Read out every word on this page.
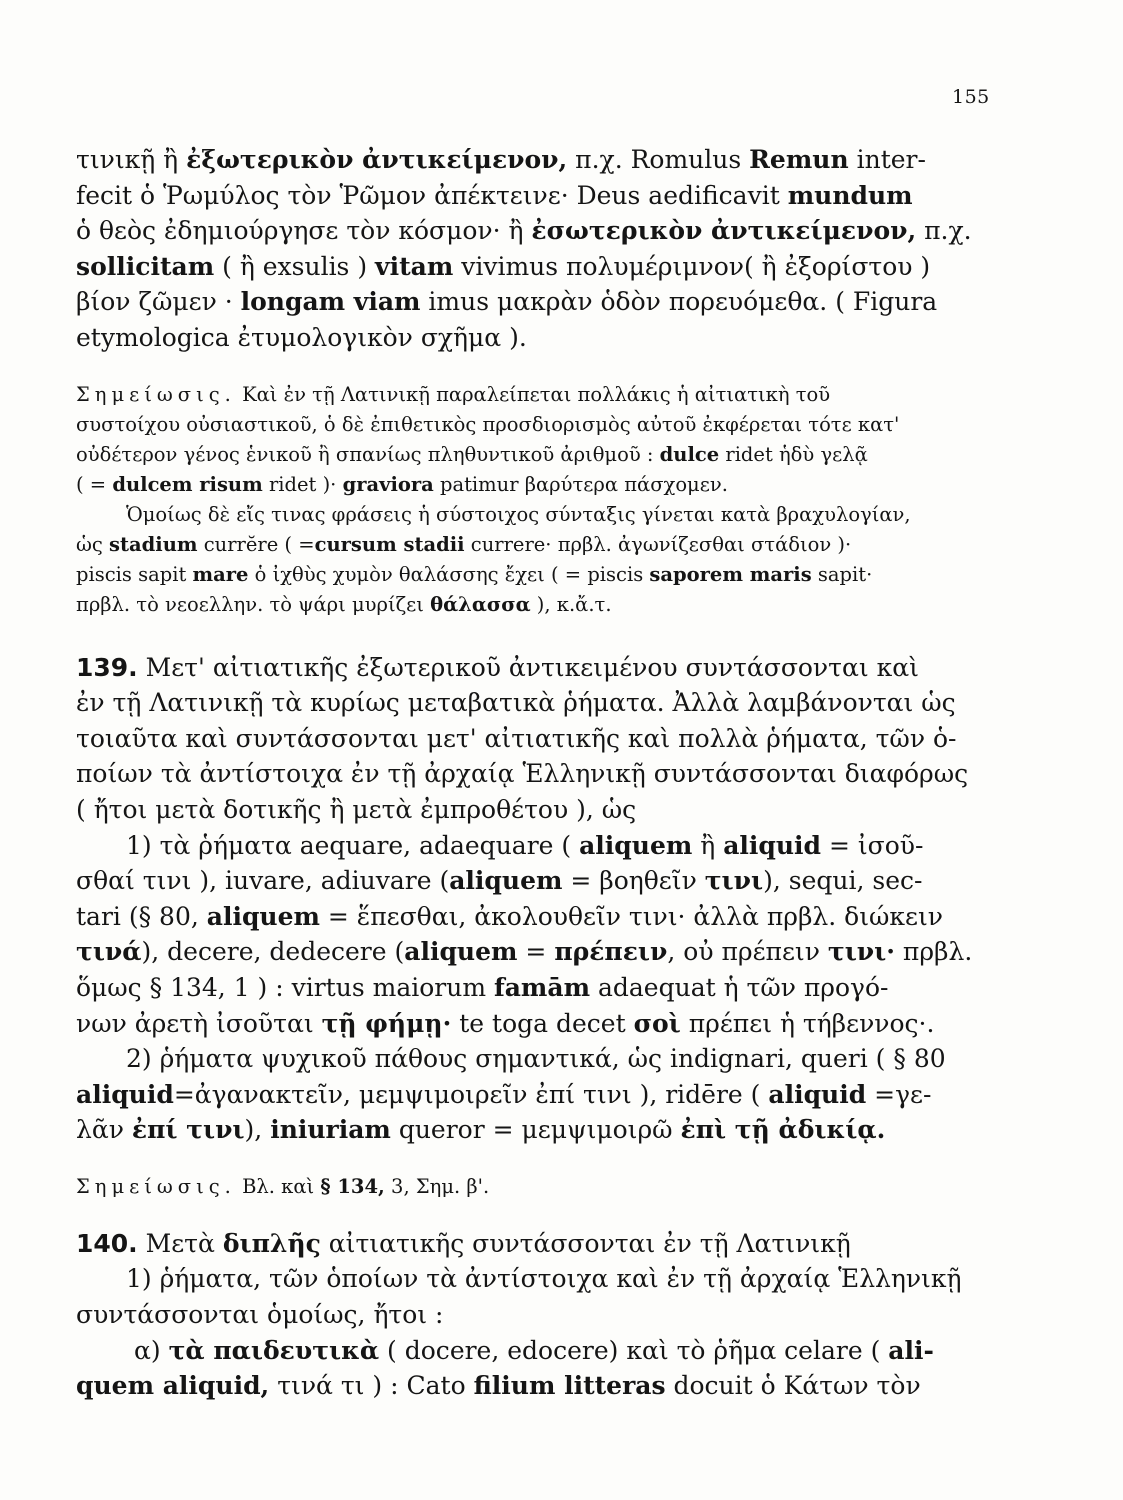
155
τινικῇ ἢ ἐξωτερικὸν ἀντικείμενον, π.χ. Romulus Remun inter-
fecit ὁ Ῥωμύλος τὸν Ῥῶμον ἀπέκτεινε· Deus aedificavit mundum
ὁ θεὸς ἐδημιούργησε τὸν κόσμον· ἢ ἐσωτερικὸν ἀντικείμενον, π.χ.
sollicitam ( ἢ exsulis ) vitam vivimus πολυμέριμνον( ἢ ἐξορίστου )
βίον ζῶμεν · longam viam imus μακρὰν ὁδὸν πορευόμεθα. ( Figura
etymologica ἐτυμολογικὸν σχῆμα ).
Σημείωσις. Καὶ ἐν τῇ Λατινικῇ παραλείπεται πολλάκις ἡ αἰτιατικὴ τοῦ
συστοίχου οὐσιαστικοῦ, ὁ δὲ ἐπιθετικὸς προσδιορισμὸς αὐτοῦ ἐκφέρεται τότε κατ'
οὐδέτερον γένος ἑνικοῦ ἢ σπανίως πληθυντικοῦ ἀριθμοῦ : dulce ridet ἡδὺ γελᾷ
( = dulcem risum ridet )· graviora patimur βαρύτερα πάσχομεν.
Ὁμοίως δὲ εἴς τινας φράσεις ἡ σύστοιχος σύνταξις γίνεται κατὰ βραχυλογίαν,
ὡς stadium currĕre ( =cursum stadii currere· πρβλ. ἀγωνίζεσθαι στάδιον )·
piscis sapit mare ὁ ἰχθὺς χυμὸν θαλάσσης ἔχει ( = piscis saporem maris sapit·
πρβλ. τὸ νεοελλην. τὸ ψάρι μυρίζει θάλασσα ), κ.ἄ.τ.
139. Μετ' αἰτιατικῆς ἐξωτερικοῦ ἀντικειμένου συντάσσονται καὶ
ἐν τῇ Λατινικῇ τὰ κυρίως μεταβατικὰ ῥήματα. Ἀλλὰ λαμβάνονται ὡς
τοιαῦτα καὶ συντάσσονται μετ' αἰτιατικῆς καὶ πολλὰ ῥήματα, τῶν ὁ-
ποίων τὰ ἀντίστοιχα ἐν τῇ ἀρχαίᾳ Ἑλληνικῇ συντάσσονται διαφόρως
( ἤτοι μετὰ δοτικῆς ἢ μετὰ ἐμπροθέτου ), ὡς
1) τὰ ῥήματα aequare, adaequare ( aliquem ἢ aliquid = ἰσοῦ-
σθαί τινι ), iuvare, adiuvare (aliquem = βοηθεῖν τινι), sequi, sec-
tari (§ 80, aliquem = ἕπεσθαι, ἀκολουθεῖν τινι· ἀλλὰ πρβλ. διώκειν
τινά), decere, dedecere (aliquem = πρέπειν, οὐ πρέπειν τινι· πρβλ.
ὅμως § 134, 1 ) : virtus maiorum famām adaequat ἡ τῶν προγό-
νων ἀρετὴ ἰσοῦται τῇ φήμῃ· te toga decet σοὶ πρέπει ἡ τήβεννος·.
2) ῥήματα ψυχικοῦ πάθους σημαντικά, ὡς indignari, queri ( § 80
aliquid=ἀγανακτεῖν, μεμψιμοιρεῖν ἐπί τινι ), ridēre ( aliquid =γε-
λᾶν ἐπί τινι), iniuriam queror = μεμψιμοιρῶ ἐπὶ τῇ ἀδικίᾳ.
Σημείωσις. Βλ. καὶ § 134, 3, Σημ. β'.
140. Μετὰ διπλῆς αἰτιατικῆς συντάσσονται ἐν τῇ Λατινικῇ
1) ῥήματα, τῶν ὁποίων τὰ ἀντίστοιχα καὶ ἐν τῇ ἀρχαίᾳ Ἑλληνικῇ
συντάσσονται ὁμοίως, ἤτοι :
α) τὰ παιδευτικὰ ( docere, edocere) καὶ τὸ ῥῆμα celare ( ali-
quem aliquid, τινά τι ) : Cato filium litteras docuit ὁ Κάτων τὸν
